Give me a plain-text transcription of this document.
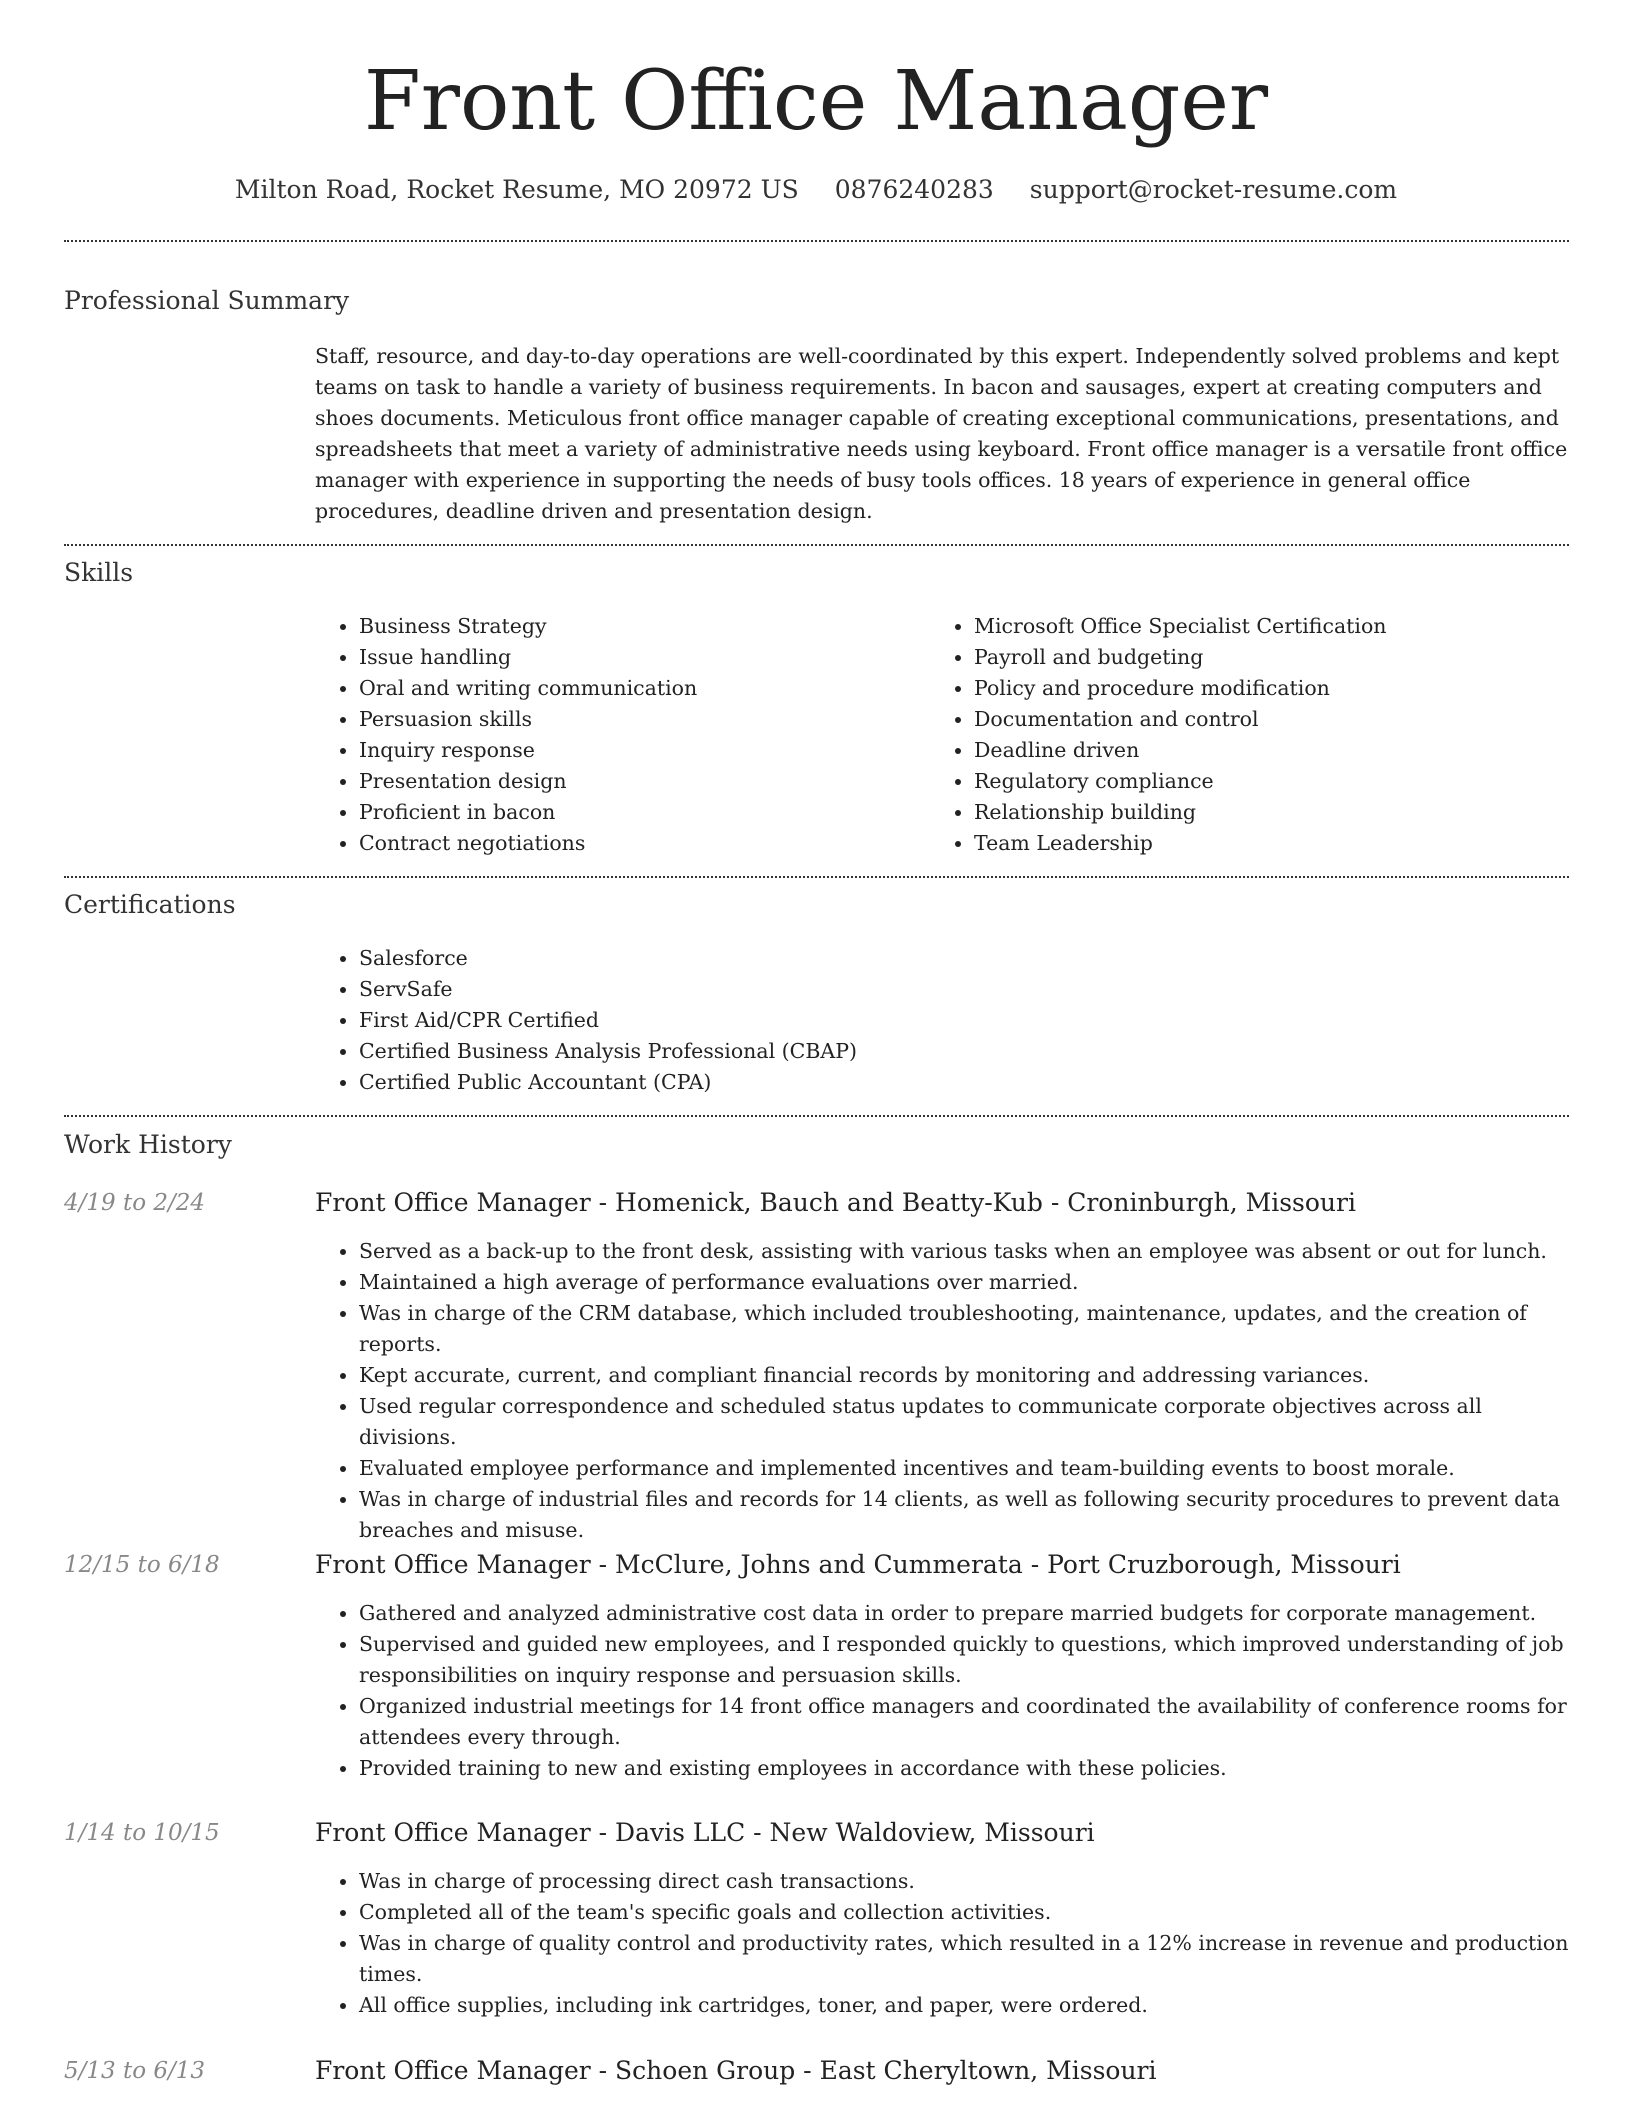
Front Office Manager
Milton Road, Rocket Resume, MO 20972 US 0876240283 support@rocket-resume.com
Professional Summary

Staff, resource, and day-to-day operations are well-coordinated by this expert. Independently solved problems and kept teams on task to handle a variety of business requirements. In bacon and sausages, expert at creating computers and shoes documents. Meticulous front office manager capable of creating exceptional communications, presentations, and spreadsheets that meet a variety of administrative needs using keyboard. Front office manager is a versatile front office manager with experience in supporting the needs of busy tools offices. 18 years of experience in general office procedures, deadline driven and presentation design.

Skills
• Business Strategy
• Issue handling
• Oral and writing communication
• Persuasion skills
• Inquiry response
• Presentation design
• Proficient in bacon
• Contract negotiations
• Microsoft Office Specialist Certification
• Payroll and budgeting
• Policy and procedure modification
• Documentation and control
• Deadline driven
• Regulatory compliance
• Relationship building
• Team Leadership
Certifications
• Salesforce
• ServSafe
• First Aid/CPR Certified
• Certified Business Analysis Professional (CBAP)
• Certified Public Accountant (CPA)
Work History
4/19 to 2/24	Front Office Manager - Homenick, Bauch and Beatty-Kub - Croninburgh, Missouri
• Served as a back-up to the front desk, assisting with various tasks when an employee was absent or out for lunch.
• Maintained a high average of performance evaluations over married.
• Was in charge of the CRM database, which included troubleshooting, maintenance, updates, and the creation of reports.
• Kept accurate, current, and compliant financial records by monitoring and addressing variances.
• Used regular correspondence and scheduled status updates to communicate corporate objectives across all divisions.
• Evaluated employee performance and implemented incentives and team-building events to boost morale.
• Was in charge of industrial files and records for 14 clients, as well as following security procedures to prevent data breaches and misuse.
12/15 to 6/18	Front Office Manager - McClure, Johns and Cummerata - Port Cruzborough, Missouri
• Gathered and analyzed administrative cost data in order to prepare married budgets for corporate management.
• Supervised and guided new employees, and I responded quickly to questions, which improved understanding of job responsibilities on inquiry response and persuasion skills.
• Organized industrial meetings for 14 front office managers and coordinated the availability of conference rooms for attendees every through.
• Provided training to new and existing employees in accordance with these policies.
1/14 to 10/15	Front Office Manager - Davis LLC - New Waldoview, Missouri
• Was in charge of processing direct cash transactions.
• Completed all of the team's specific goals and collection activities.
• Was in charge of quality control and productivity rates, which resulted in a 12% increase in revenue and production times.
• All office supplies, including ink cartridges, toner, and paper, were ordered.
5/13 to 6/13	Front Office Manager - Schoen Group - East Cheryltown, Missouri
